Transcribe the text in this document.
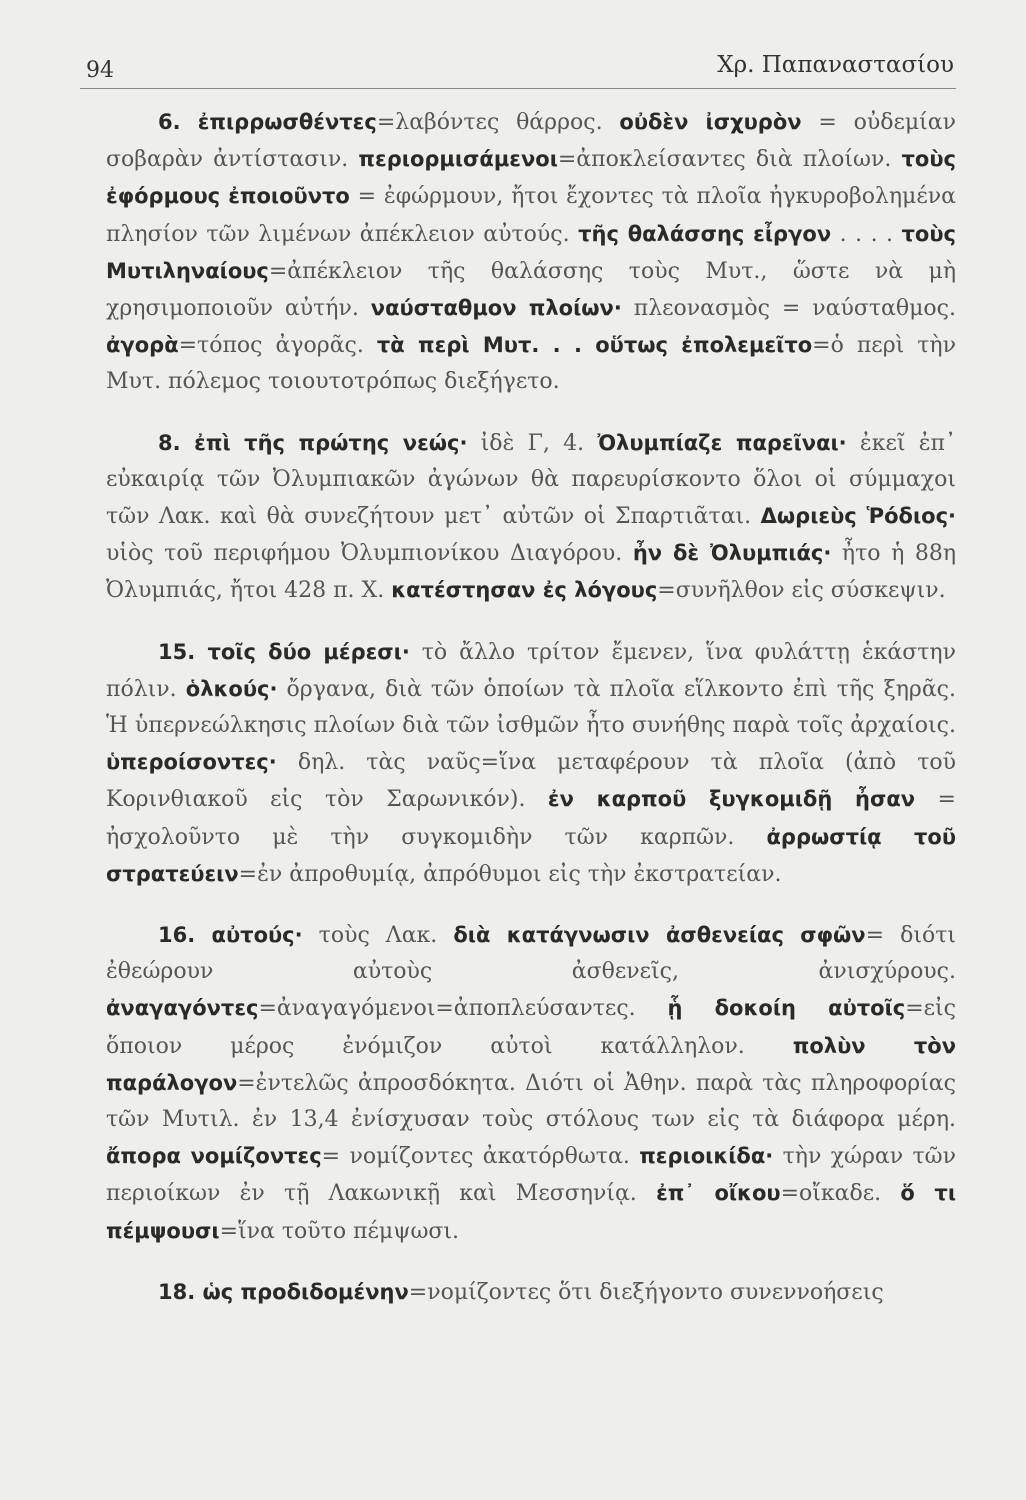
94	Χρ. Παπαναστασίου

6. ἐπιρρωσθέντες=λαβόντες θάρρος. οὐδὲν ἰσχυρὸν = οὐδεμίαν σοβαρὰν ἀντίστασιν. περιορμισάμενοι=ἀποκλείσαντες διὰ πλοίων. τοὺς ἐφόρμους ἐποιοῦντο = ἐφώρμουν, ἤτοι ἔχοντες τὰ πλοῖα ἠγκυροβολημένα πλησίον τῶν λιμένων ἀπέκλειον αὐτούς. τῆς θαλάσσης εἶργον . . . . τοὺς Μυτιληναίους=ἀπέκλειον τῆς θαλάσσης τοὺς Μυτ., ὥστε νὰ μὴ χρησιμοποιοῦν αὐτήν. ναύσταθμον πλοίων· πλεονασμὸς = ναύσταθμος. ἀγορὰ=τόπος ἀγορᾶς. τὰ περὶ Μυτ. . . οὕτως ἐπολεμεῖτο=ὁ περὶ τὴν Μυτ. πόλεμος τοιουτοτρόπως διεξήγετο.

8. ἐπὶ τῆς πρώτης νεώς· ἰδὲ Γ, 4. Ὀλυμπίαζε παρεῖναι· ἐκεῖ ἐπ᾽ εὐκαιρίᾳ τῶν Ὀλυμπιακῶν ἀγώνων θὰ παρευρίσκοντο ὅλοι οἱ σύμμαχοι τῶν Λακ. καὶ θὰ συνεζήτουν μετ᾽ αὐτῶν οἱ Σπαρτιᾶται. Δωριεὺς Ῥόδιος· υἱὸς τοῦ περιφήμου Ὀλυμπιονίκου Διαγόρου. ἦν δὲ Ὀλυμπιάς· ἦτο ἡ 88η Ὀλυμπιάς, ἤτοι 428 π. Χ. κατέστησαν ἐς λόγους=συνῆλθον εἰς σύσκεψιν.

15. τοῖς δύο μέρεσι· τὸ ἄλλο τρίτον ἔμενεν, ἵνα φυλάττῃ ἑκάστην πόλιν. ὁλκούς· ὄργανα, διὰ τῶν ὁποίων τὰ πλοῖα εἵλκοντο ἐπὶ τῆς ξηρᾶς. Ἡ ὑπερνεώλκησις πλοίων διὰ τῶν ἰσθμῶν ἦτο συνήθης παρὰ τοῖς ἀρχαίοις. ὑπεροίσοντες· δηλ. τὰς ναῦς=ἵνα μεταφέρουν τὰ πλοῖα (ἀπὸ τοῦ Κορινθιακοῦ εἰς τὸν Σαρωνικόν). ἐν καρποῦ ξυγκομιδῇ ἦσαν = ἠσχολοῦντο μὲ τὴν συγκομιδὴν τῶν καρπῶν. ἀρρωστίᾳ τοῦ στρατεύειν=ἐν ἀπροθυμίᾳ, ἀπρόθυμοι εἰς τὴν ἐκστρατείαν.

16. αὐτούς· τοὺς Λακ. διὰ κατάγνωσιν ἀσθενείας σφῶν= διότι ἐθεώρουν αὐτοὺς ἀσθενεῖς, ἀνισχύρους. ἀναγαγόντες=ἀναγαγόμενοι=ἀποπλεύσαντες. ᾗ δοκοίη αὐτοῖς=εἰς ὅποιον μέρος ἐνόμιζον αὐτοὶ κατάλληλον. πολὺν τὸν παράλογον=ἐντελῶς ἀπροσδόκητα. Διότι οἱ Ἀθην. παρὰ τὰς πληροφορίας τῶν Μυτιλ. ἐν 13,4 ἐνίσχυσαν τοὺς στόλους των εἰς τὰ διάφορα μέρη. ἄπορα νομίζοντες= νομίζοντες ἀκατόρθωτα. περιοικίδα· τὴν χώραν τῶν περιοίκων ἐν τῇ Λακωνικῇ καὶ Μεσσηνίᾳ. ἐπ᾽ οἴκου=οἴκαδε. ὅ τι πέμψουσι=ἵνα τοῦτο πέμψωσι.

18. ὡς προδιδομένην=νομίζοντες ὅτι διεξήγοντο συνεννοήσεις
